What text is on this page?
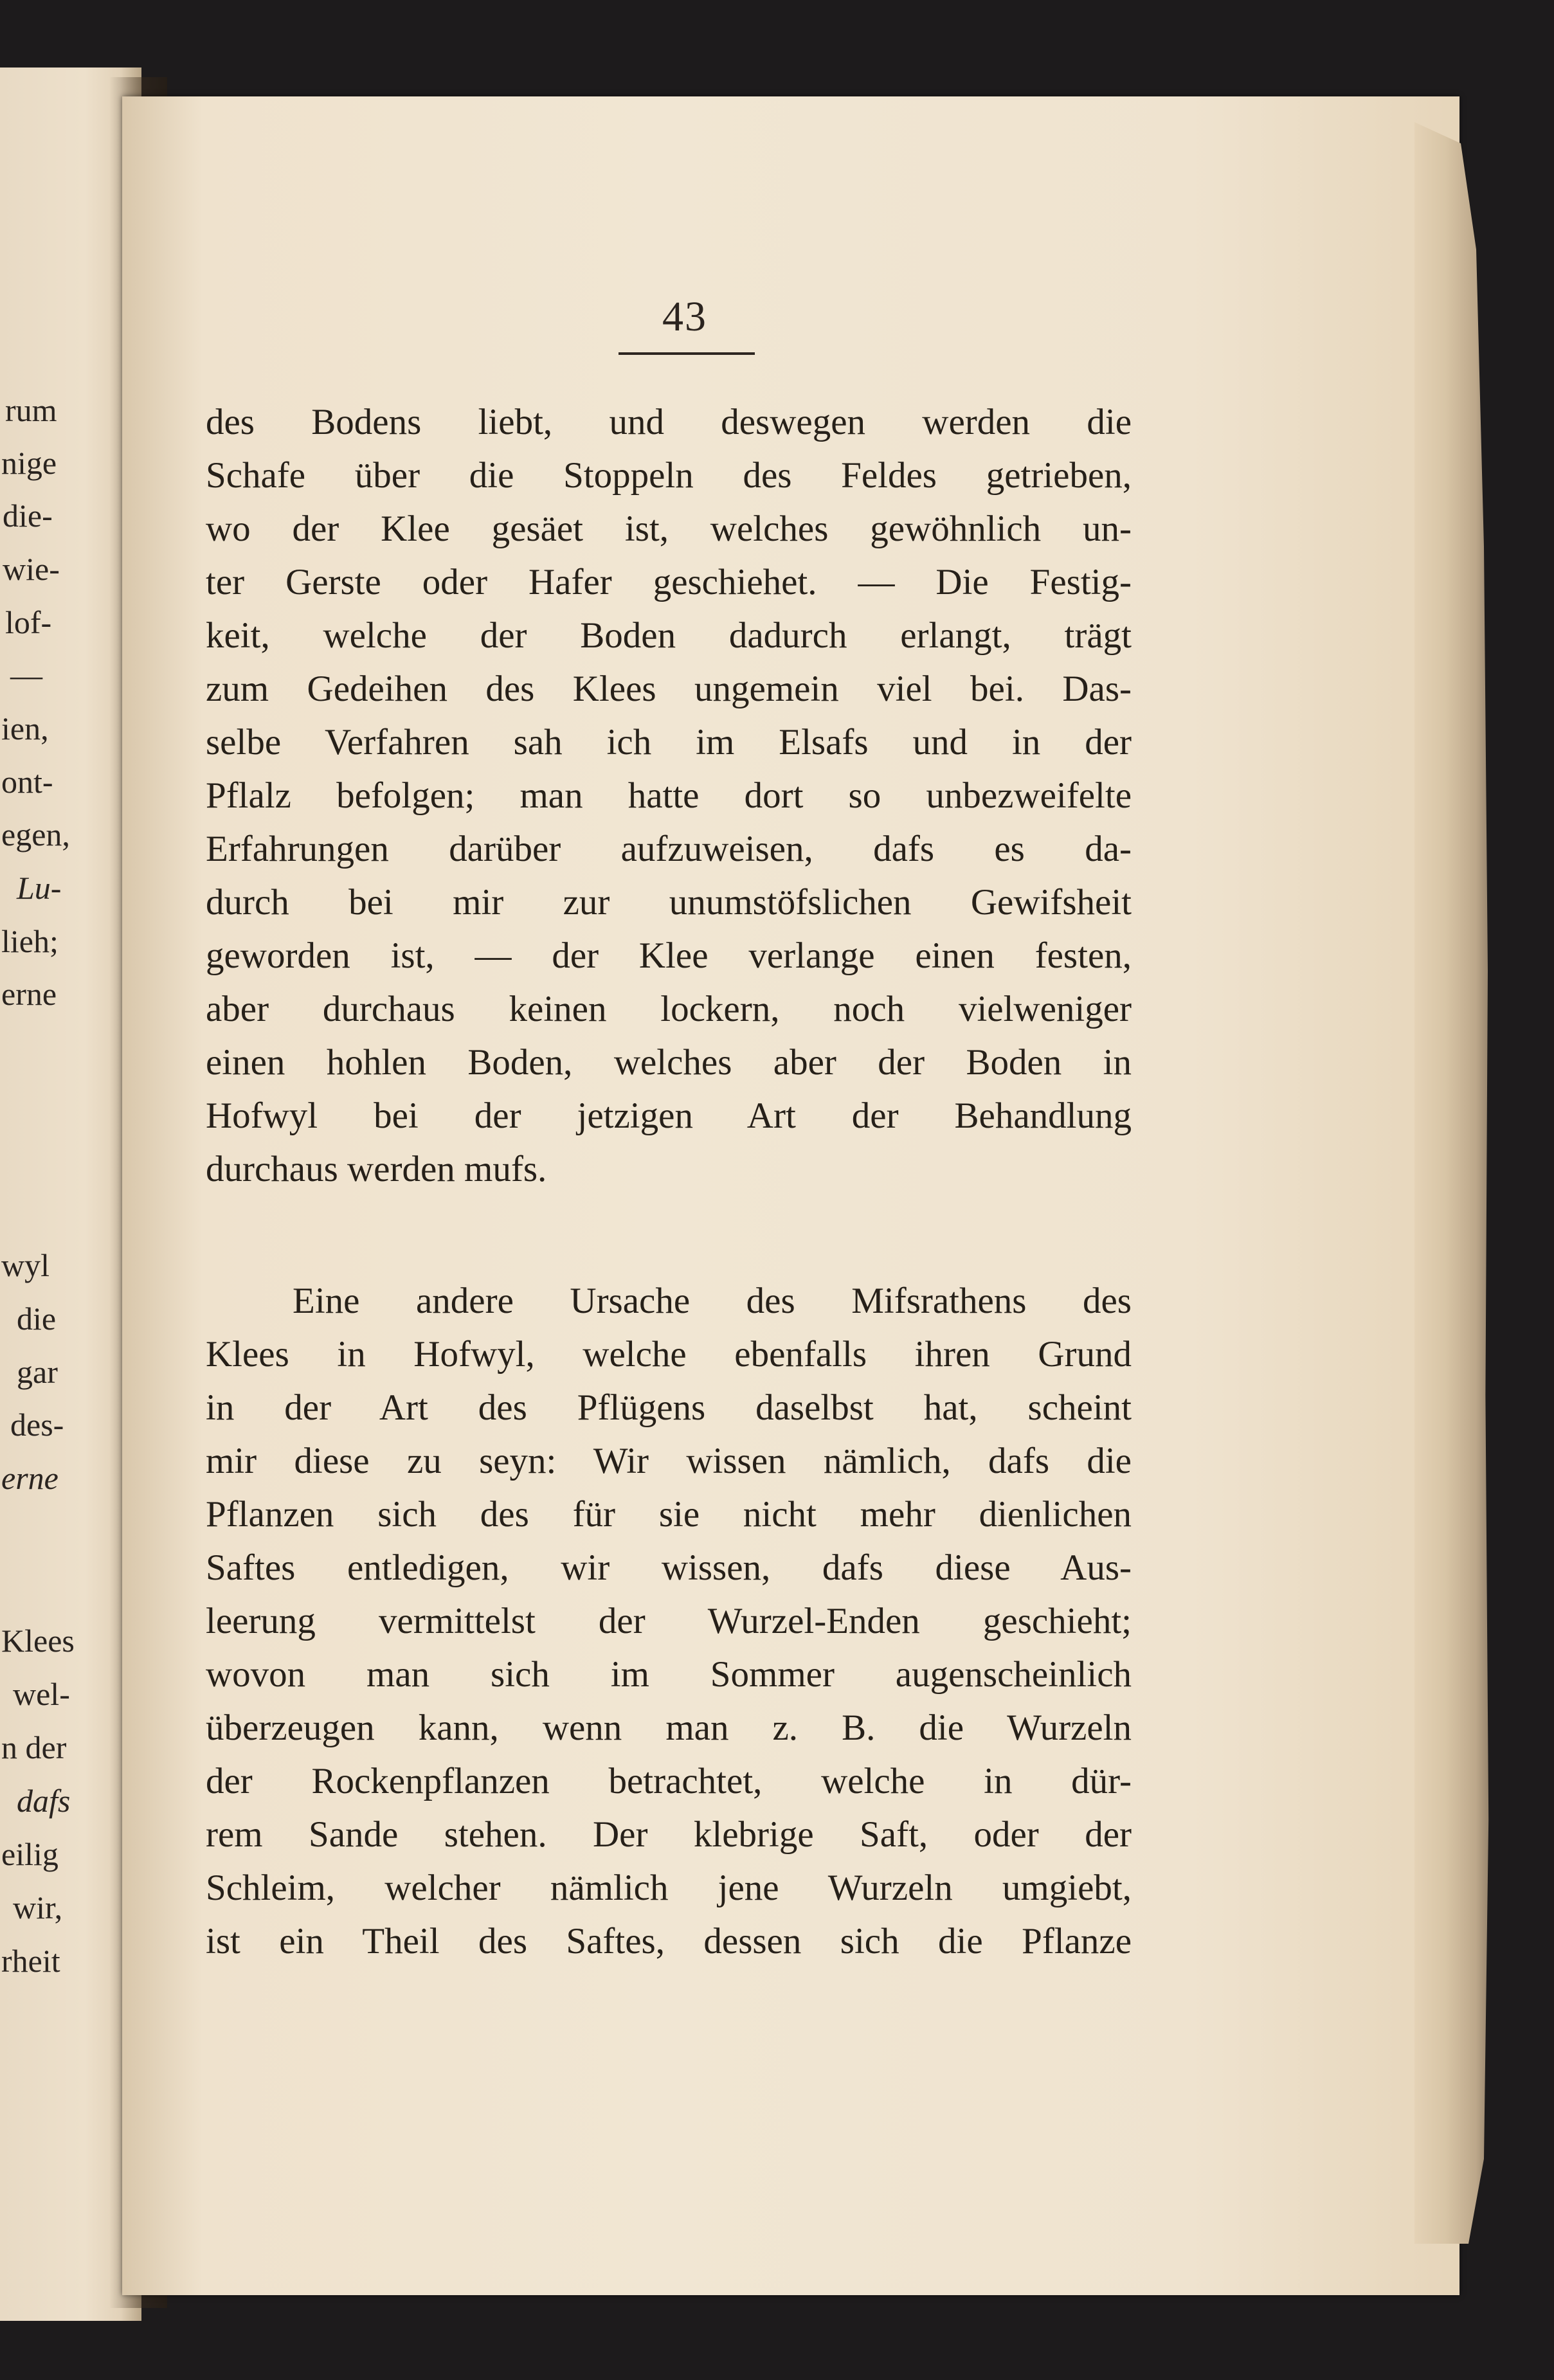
rum
nige
die-
wie-
lof-
—
ien,
ont-
egen,
Lu-
lieh;
erne
wyl
die
gar
des-
erne
Klees
wel-
n der
dafs
eilig
wir,
rheit
43
des Bodens liebt, und deswegen werden die
Schafe über die Stoppeln des Feldes getrieben,
wo der Klee gesäet ist, welches gewöhnlich un-
ter Gerste oder Hafer geschiehet. — Die Festig-
keit, welche der Boden dadurch erlangt, trägt
zum Gedeihen des Klees ungemein viel bei. Das-
selbe Verfahren sah ich im Elsafs und in der
Pflalz befolgen; man hatte dort so unbezweifelte
Erfahrungen darüber aufzuweisen, dafs es da-
durch bei mir zur unumstöfslichen Gewifsheit
geworden ist, — der Klee verlange einen festen,
aber durchaus keinen lockern, noch vielweniger
einen hohlen Boden, welches aber der Boden in
Hofwyl bei der jetzigen Art der Behandlung
durchaus werden mufs.
Eine andere Ursache des Mifsrathens des
Klees in Hofwyl, welche ebenfalls ihren Grund
in der Art des Pflügens daselbst hat, scheint
mir diese zu seyn: Wir wissen nämlich, dafs die
Pflanzen sich des für sie nicht mehr dienlichen
Saftes entledigen, wir wissen, dafs diese Aus-
leerung vermittelst der Wurzel-Enden geschieht;
wovon man sich im Sommer augenscheinlich
überzeugen kann, wenn man z. B. die Wurzeln
der Rockenpflanzen betrachtet, welche in dür-
rem Sande stehen. Der klebrige Saft, oder der
Schleim, welcher nämlich jene Wurzeln umgiebt,
ist ein Theil des Saftes, dessen sich die Pflanze
